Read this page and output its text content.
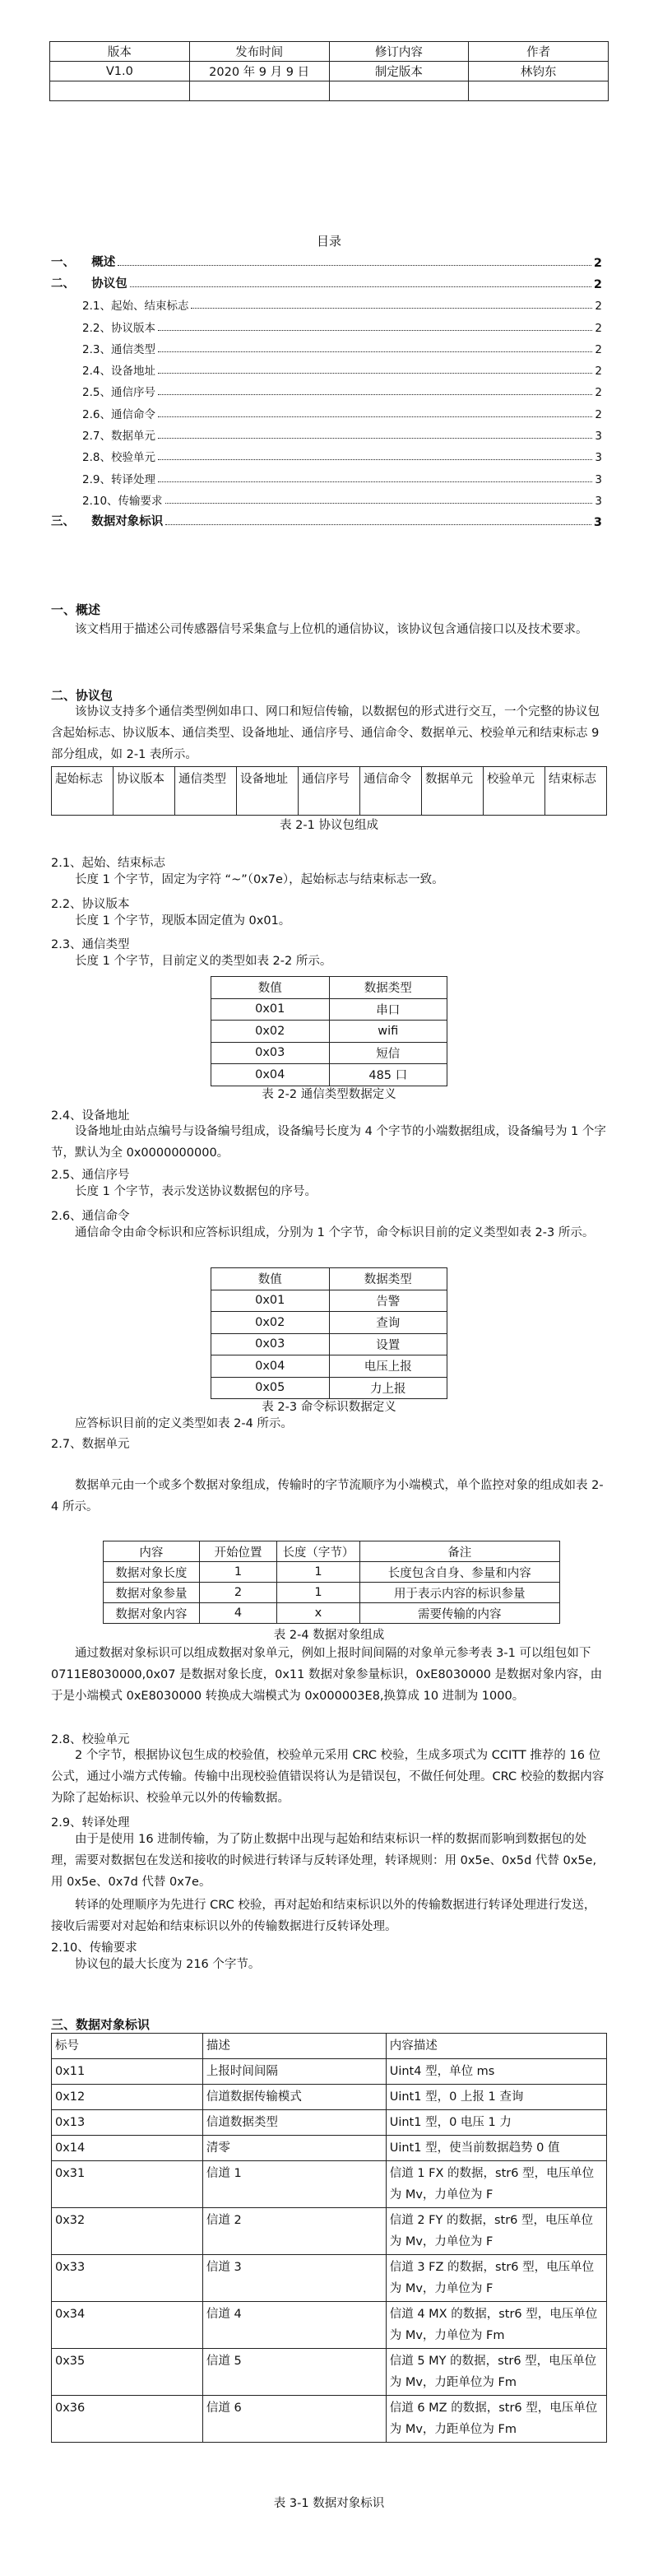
版本	发布时间	修订内容	作者
V1.0	2020 年 9 月 9 日	制定版本	林钧东

目录
一、    概述	2
二、    协议包	2
2.1、起始、结束标志	2
2.2、协议版本	2
2.3、通信类型	2
2.4、设备地址	2
2.5、通信序号	2
2.6、通信命令	2
2.7、数据单元	3
2.8、校验单元	3
2.9、转译处理	3
2.10、传输要求	3
三、    数据对象标识	3
一、概述
该文档用于描述公司传感器信号采集盒与上位机的通信协议，该协议包含通信接口以及技术要求。
二、协议包
该协议支持多个通信类型例如串口、网口和短信传输，以数据包的形式进行交互，一个完整的协议包含起始标志、协议版本、通信类型、设备地址、通信序号、通信命令、数据单元、校验单元和结束标志 9 部分组成，如 2-1 表所示。
起始标志	协议版本	通信类型	设备地址	通信序号	通信命令	数据单元	校验单元	结束标志
表 2-1 协议包组成
2.1、起始、结束标志
长度 1 个字节，固定为字符 “~”（0x7e），起始标志与结束标志一致。
2.2、协议版本
长度 1 个字节，现版本固定值为 0x01。
2.3、通信类型
长度 1 个字节，目前定义的类型如表 2-2 所示。
数值	数据类型
0x01	串口
0x02	wifi
0x03	短信
0x04	485 口
表 2-2 通信类型数据定义
2.4、设备地址
设备地址由站点编号与设备编号组成，设备编号长度为 4 个字节的小端数据组成，设备编号为 1 个字节，默认为全 0x0000000000。
2.5、通信序号
长度 1 个字节，表示发送协议数据包的序号。
2.6、通信命令
通信命令由命令标识和应答标识组成，分别为 1 个字节，命令标识目前的定义类型如表 2-3 所示。
数值	数据类型
0x01	告警
0x02	查询
0x03	设置
0x04	电压上报
0x05	力上报
表 2-3 命令标识数据定义
应答标识目前的定义类型如表 2-4 所示。
2.7、数据单元
数据单元由一个或多个数据对象组成，传输时的字节流顺序为小端模式，单个监控对象的组成如表 2-4 所示。
内容	开始位置	长度（字节）	备注
数据对象长度	1	1	长度包含自身、参量和内容
数据对象参量	2	1	用于表示内容的标识参量
数据对象内容	4	x	需要传输的内容
表 2-4 数据对象组成
通过数据对象标识可以组成数据对象单元，例如上报时间间隔的对象单元参考表 3-1 可以组包如下 0711E8030000,0x07 是数据对象长度，0x11 数据对象参量标识，0xE8030000 是数据对象内容，由于是小端模式 0xE8030000 转换成大端模式为 0x000003E8,换算成 10 进制为 1000。
2.8、校验单元
2 个字节，根据协议包生成的校验值，校验单元采用 CRC 校验，生成多项式为 CCITT 推荐的 16 位公式，通过小端方式传输。传输中出现校验值错误将认为是错误包，不做任何处理。CRC 校验的数据内容为除了起始标识、校验单元以外的传输数据。
2.9、转译处理
由于是使用 16 进制传输，为了防止数据中出现与起始和结束标识一样的数据而影响到数据包的处理，需要对数据包在发送和接收的时候进行转译与反转译处理，转译规则：用 0x5e、0x5d 代替 0x5e,用 0x5e、0x7d 代替 0x7e。
转译的处理顺序为先进行 CRC 校验，再对起始和结束标识以外的传输数据进行转译处理进行发送，接收后需要对对起始和结束标识以外的传输数据进行反转译处理。
2.10、传输要求
协议包的最大长度为 216 个字节。
三、数据对象标识
标号	描述	内容描述
0x11	上报时间间隔	Uint4 型，单位 ms
0x12	信道数据传输模式	Uint1 型，0 上报 1 查询
0x13	信道数据类型	Uint1 型，0 电压 1 力
0x14	清零	Uint1 型，使当前数据趋势 0 值
0x31	信道 1	信道 1 FX 的数据，str6 型，电压单位为 Mv，力单位为 F
0x32	信道 2	信道 2 FY 的数据，str6 型，电压单位为 Mv，力单位为 F
0x33	信道 3	信道 3 FZ 的数据，str6 型，电压单位为 Mv，力单位为 F
0x34	信道 4	信道 4 MX 的数据，str6 型，电压单位为 Mv，力单位为 Fm
0x35	信道 5	信道 5 MY 的数据，str6 型，电压单位为 Mv，力距单位为 Fm
0x36	信道 6	信道 6 MZ 的数据，str6 型，电压单位为 Mv，力距单位为 Fm
表 3-1 数据对象标识
